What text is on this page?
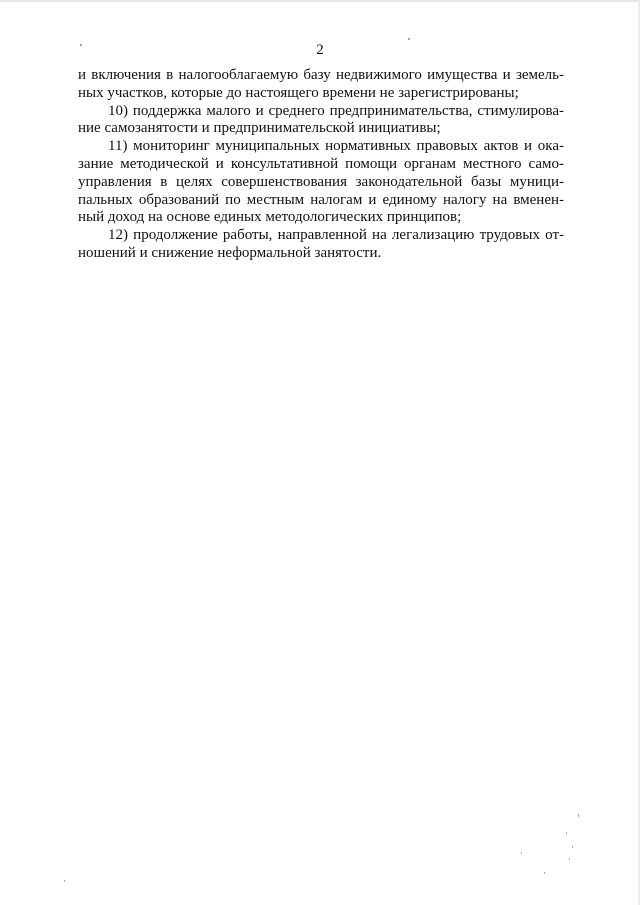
2
и включения в налогооблагаемую базу недвижимого имущества и земель-
ных участков, которые до настоящего времени не зарегистрированы;
10) поддержка малого и среднего предпринимательства, стимулирова-
ние самозанятости и предпринимательской инициативы;
11) мониторинг муниципальных нормативных правовых актов и ока-
зание методической и консультативной помощи органам местного само-
управления в целях совершенствования законодательной базы муници-
пальных образований по местным налогам и единому налогу на вменен-
ный доход на основе единых методологических принципов;
12) продолжение работы, направленной на легализацию трудовых от-
ношений и снижение неформальной занятости.
